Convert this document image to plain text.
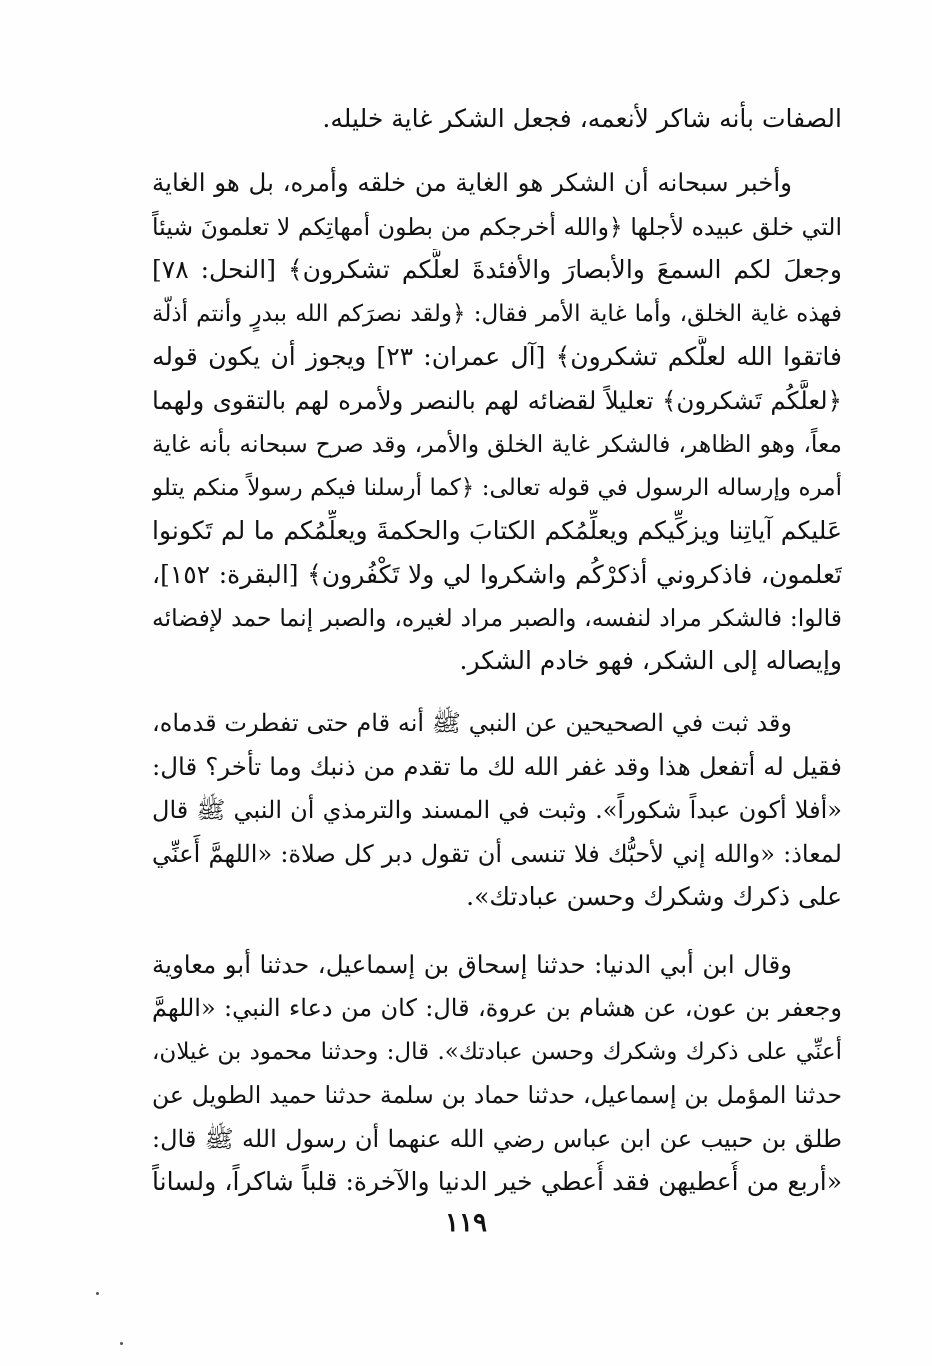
الصفات بأنه شاكر لأنعمه، فجعل الشكر غاية خليله.
وأخبر سبحانه أن الشكر هو الغاية من خلقه وأمره، بل هو الغاية
التي خلق عبيده لأجلها ﴿والله أخرجكم من بطون أمهاتِكم لا تعلمونَ شيئاً
وجعلَ لكم السمعَ والأبصارَ والأفئدةَ لعلَّكم تشكرون﴾ [النحل: ٧٨]
فهذه غاية الخلق، وأما غاية الأمر فقال: ﴿ولقد نصرَكم الله ببدرٍ وأنتم أذلّة
فاتقوا الله لعلَّكم تشكرون﴾ [آل عمران: ٢٣] ويجوز أن يكون قوله
﴿لعلَّكُم تَشكرون﴾ تعليلاً لقضائه لهم بالنصر ولأمره لهم بالتقوى ولهما
معاً، وهو الظاهر، فالشكر غاية الخلق والأمر، وقد صرح سبحانه بأنه غاية
أمره وإرساله الرسول في قوله تعالى: ﴿كما أرسلنا فيكم رسولاً منكم يتلو
عَليكم آياتِنا ويزكِّيكم ويعلِّمُكم الكتابَ والحكمةَ ويعلِّمُكم ما لم تَكونوا
تَعلمون، فاذكروني أذكرْكُم واشكروا لي ولا تَكْفُرون﴾ [البقرة: ١٥٢]،
قالوا: فالشكر مراد لنفسه، والصبر مراد لغيره، والصبر إنما حمد لإفضائه
وإيصاله إلى الشكر، فهو خادم الشكر.
وقد ثبت في الصحيحين عن النبي ﷺ أنه قام حتى تفطرت قدماه،
فقيل له أتفعل هذا وقد غفر الله لك ما تقدم من ذنبك وما تأخر؟ قال:
«أفلا أكون عبداً شكوراً». وثبت في المسند والترمذي أن النبي ﷺ قال
لمعاذ: «والله إني لأحبُّك فلا تنسى أن تقول دبر كل صلاة: «اللهمَّ أَعنِّي
على ذكرك وشكرك وحسن عبادتك».
وقال ابن أبي الدنيا: حدثنا إسحاق بن إسماعيل، حدثنا أبو معاوية
وجعفر بن عون، عن هشام بن عروة، قال: كان من دعاء النبي: «اللهمَّ
أعنِّي على ذكرك وشكرك وحسن عبادتك». قال: وحدثنا محمود بن غيلان،
حدثنا المؤمل بن إسماعيل، حدثنا حماد بن سلمة حدثنا حميد الطويل عن
طلق بن حبيب عن ابن عباس رضي الله عنهما أن رسول الله ﷺ قال:
«أربع من أُعطيهن فقد أُعطي خير الدنيا والآخرة: قلباً شاكراً، ولساناً
١١٩
